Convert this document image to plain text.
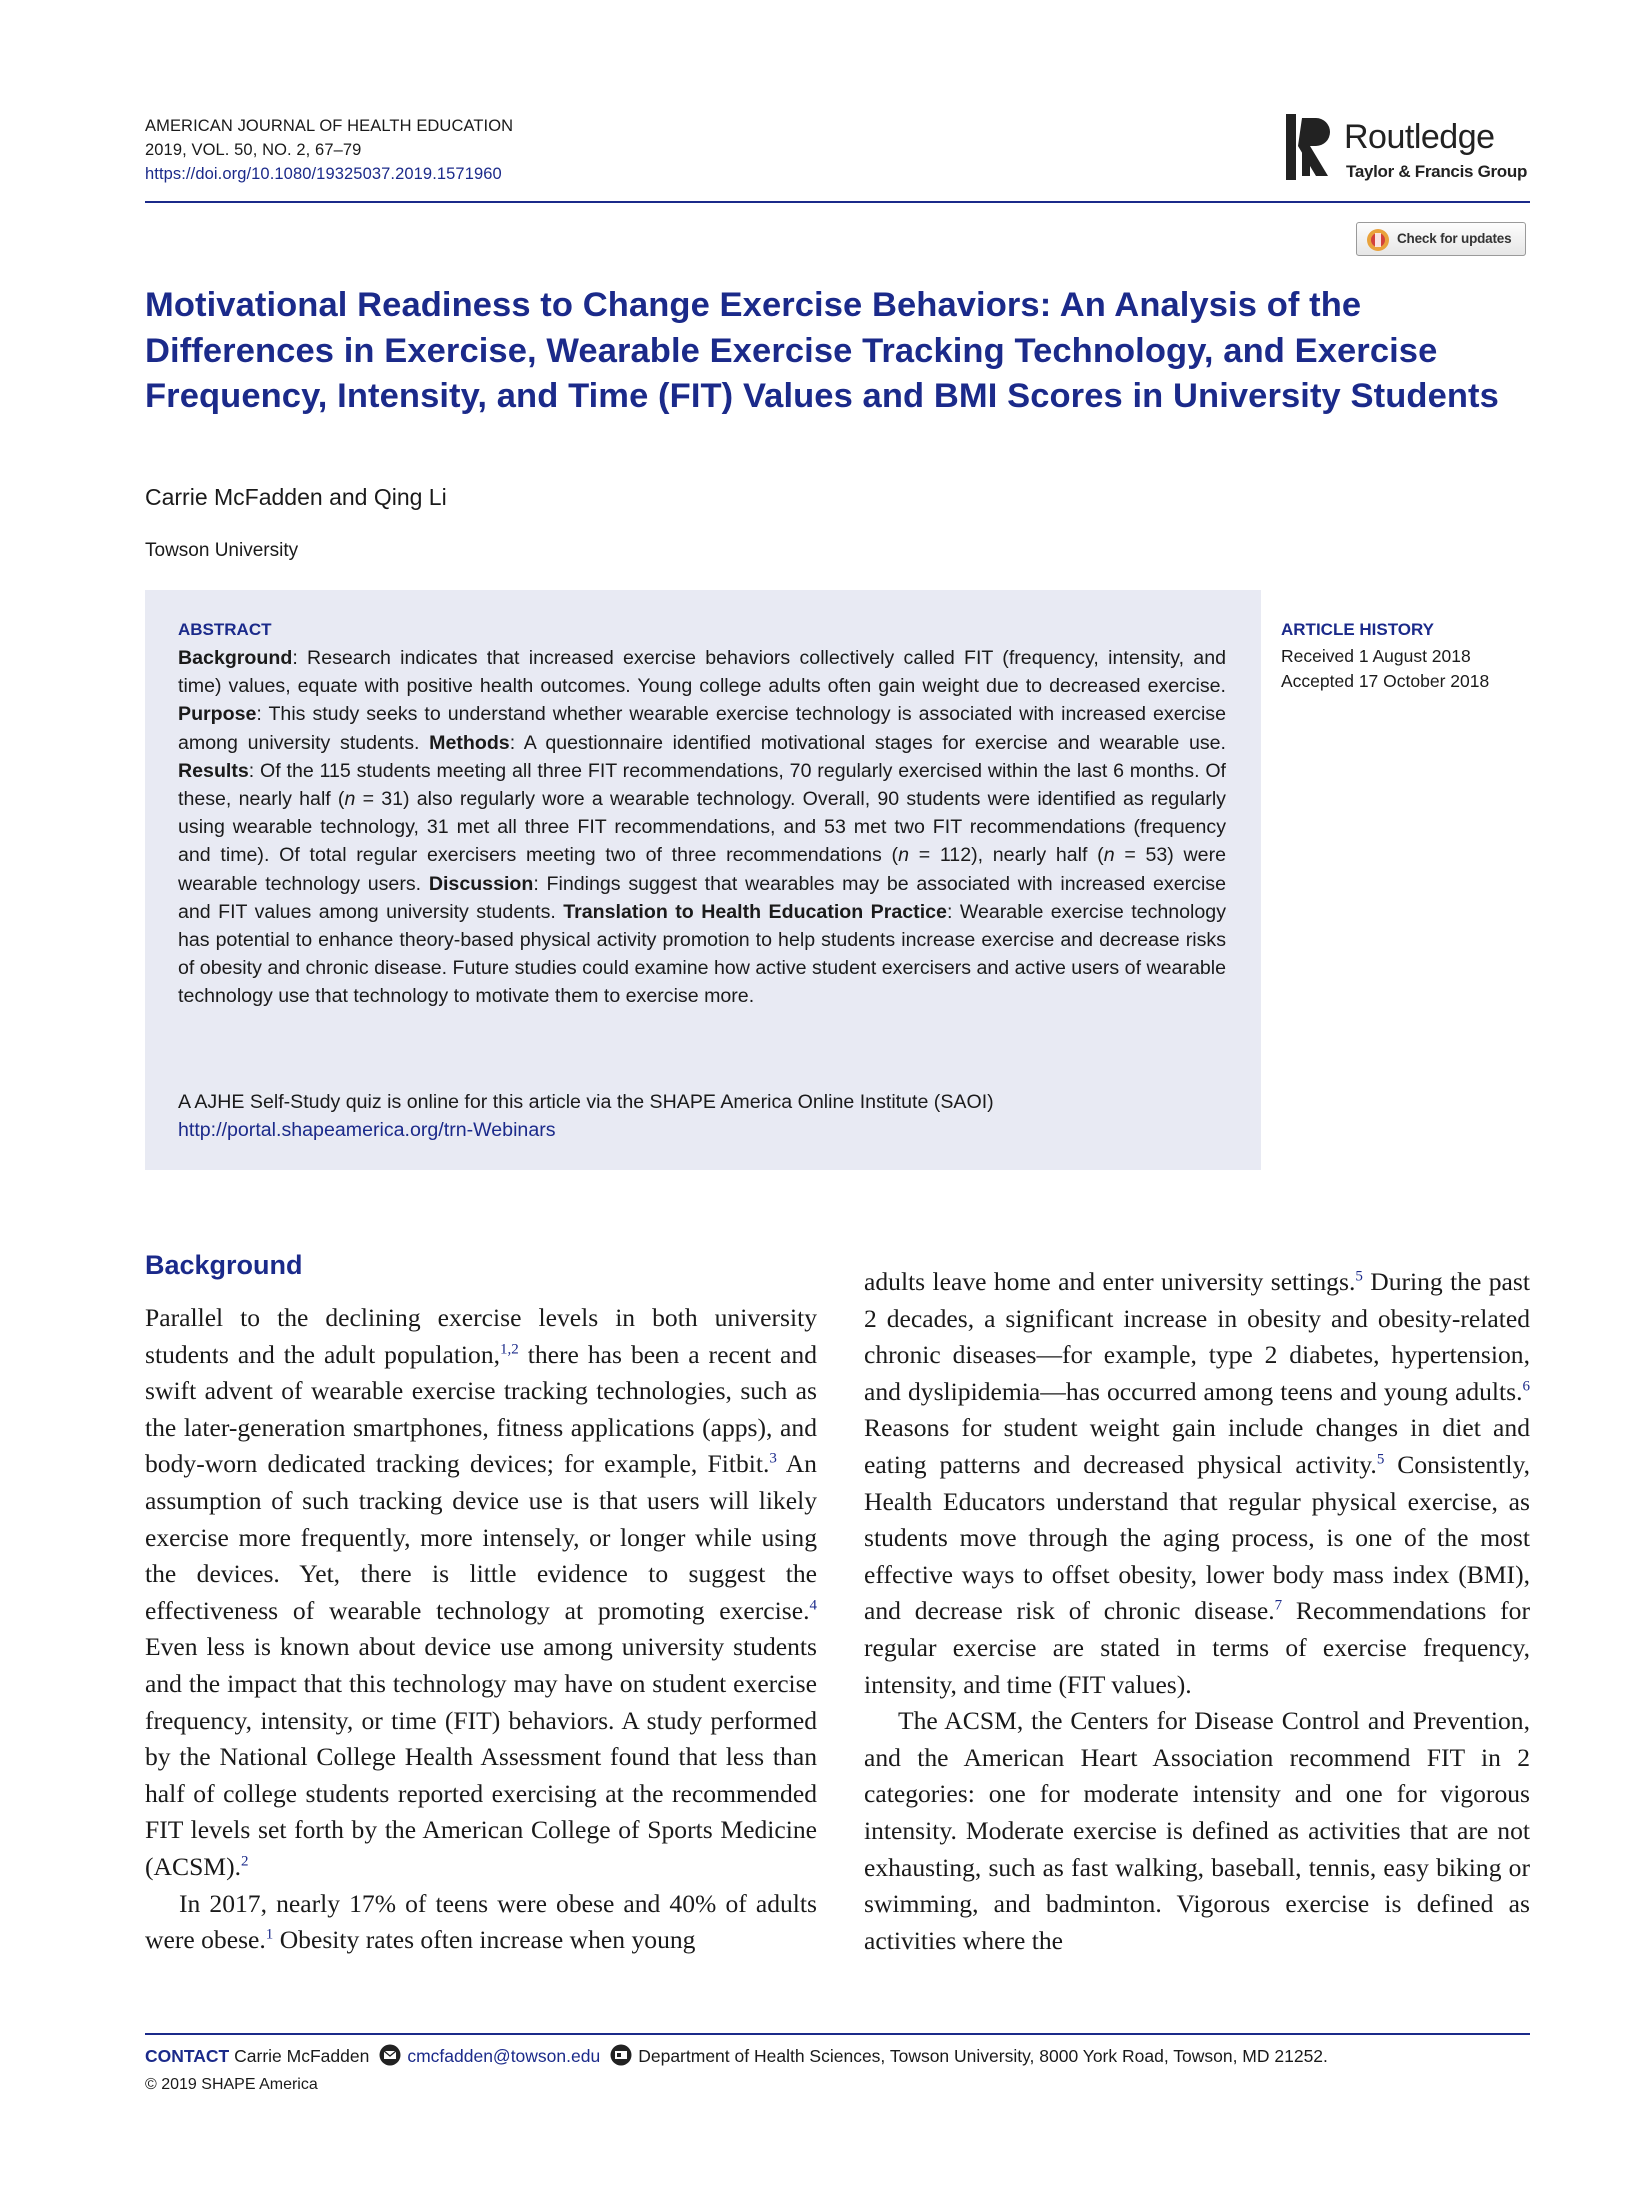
AMERICAN JOURNAL OF HEALTH EDUCATION
2019, VOL. 50, NO. 2, 67–79
https://doi.org/10.1080/19325037.2019.1571960
Routledge
Taylor & Francis Group
Check for updates
Motivational Readiness to Change Exercise Behaviors: An Analysis of the Differences in Exercise, Wearable Exercise Tracking Technology, and Exercise Frequency, Intensity, and Time (FIT) Values and BMI Scores in University Students
Carrie McFadden and Qing Li
Towson University
ABSTRACT
Background: Research indicates that increased exercise behaviors collectively called FIT (frequency, intensity, and time) values, equate with positive health outcomes. Young college adults often gain weight due to decreased exercise. Purpose: This study seeks to understand whether wearable exercise technology is associated with increased exercise among university students. Methods: A questionnaire identified motivational stages for exercise and wearable use. Results: Of the 115 students meeting all three FIT recommendations, 70 regularly exercised within the last 6 months. Of these, nearly half (n = 31) also regularly wore a wearable technology. Overall, 90 students were identified as regularly using wearable technology, 31 met all three FIT recommendations, and 53 met two FIT recommendations (frequency and time). Of total regular exercisers meeting two of three recommendations (n = 112), nearly half (n = 53) were wearable technology users. Discussion: Findings suggest that wearables may be associated with increased exercise and FIT values among university students. Translation to Health Education Practice: Wearable exercise technology has potential to enhance theory-based physical activity promotion to help students increase exercise and decrease risks of obesity and chronic disease. Future studies could examine how active student exercisers and active users of wearable technology use that technology to motivate them to exercise more.
A AJHE Self-Study quiz is online for this article via the SHAPE America Online Institute (SAOI)
http://portal.shapeamerica.org/trn-Webinars
ARTICLE HISTORY
Received 1 August 2018
Accepted 17 October 2018
Background

Parallel to the declining exercise levels in both university students and the adult population,$^{1,2}$ there has been a recent and swift advent of wearable exercise tracking technologies, such as the later-generation smartphones, fitness applications (apps), and body-worn dedicated tracking devices; for example, Fitbit.$^3$ An assumption of such tracking device use is that users will likely exercise more frequently, more intensely, or longer while using the devices. Yet, there is little evidence to suggest the effectiveness of wearable technology at promoting exercise.$^4$ Even less is known about device use among university students and the impact that this technology may have on student exercise frequency, intensity, or time (FIT) behaviors. A study performed by the National College Health Assessment found that less than half of college students reported exercising at the recommended FIT levels set forth by the American College of Sports Medicine (ACSM).$^2$

In 2017, nearly 17% of teens were obese and 40% of adults were obese.$^1$ Obesity rates often increase when young

adults leave home and enter university settings.$^5$ During the past 2 decades, a significant increase in obesity and obesity-related chronic diseases—for example, type 2 diabetes, hypertension, and dyslipidemia—has occurred among teens and young adults.$^6$ Reasons for student weight gain include changes in diet and eating patterns and decreased physical activity.$^5$ Consistently, Health Educators understand that regular physical exercise, as students move through the aging process, is one of the most effective ways to offset obesity, lower body mass index (BMI), and decrease risk of chronic disease.$^7$ Recommendations for regular exercise are stated in terms of exercise frequency, intensity, and time (FIT values).

The ACSM, the Centers for Disease Control and Prevention, and the American Heart Association recommend FIT in 2 categories: one for moderate intensity and one for vigorous intensity. Moderate exercise is defined as activities that are not exhausting, such as fast walking, baseball, tennis, easy biking or swimming, and badminton. Vigorous exercise is defined as activities where the

CONTACT Carrie McFadden cmcfadden@towson.edu Department of Health Sciences, Towson University, 8000 York Road, Towson, MD 21252.
© 2019 SHAPE America
